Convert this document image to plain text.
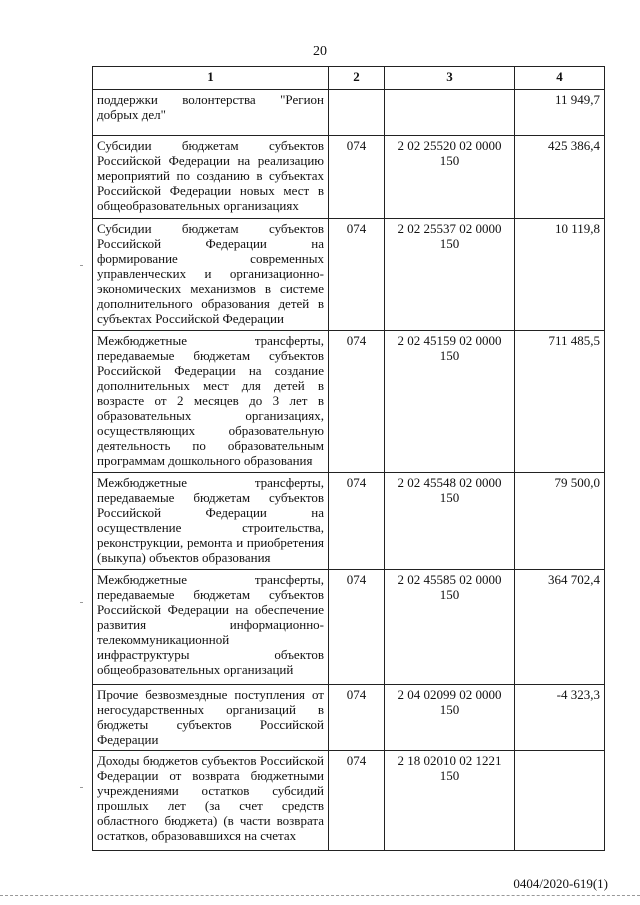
20
1	2	3	4
поддержки волонтерства "Регион добрых дел"			11 949,7
Субсидии бюджетам субъектов Российской Федерации на реализацию мероприятий по созданию в субъектах Российской Федерации новых мест в общеобразовательных организациях	074	2 02 25520 02 0000 150	425 386,4
Субсидии бюджетам субъектов Российской Федерации на формирование современных управленческих и организационно-экономических механизмов в системе дополнительного образования детей в субъектах Российской Федерации	074	2 02 25537 02 0000 150	10 119,8
Межбюджетные трансферты, передаваемые бюджетам субъектов Российской Федерации на создание дополнительных мест для детей в возрасте от 2 месяцев до 3 лет в образовательных организациях, осуществляющих образовательную деятельность по образовательным программам дошкольного образования	074	2 02 45159 02 0000 150	711 485,5
Межбюджетные трансферты, передаваемые бюджетам субъектов Российской Федерации на осуществление строительства, реконструкции, ремонта и приобретения (выкупа) объектов образования	074	2 02 45548 02 0000 150	79 500,0
Межбюджетные трансферты, передаваемые бюджетам субъектов Российской Федерации на обеспечение развития информационно-телекоммуникационной инфраструктуры объектов общеобразовательных организаций	074	2 02 45585 02 0000 150	364 702,4
Прочие безвозмездные поступления от негосударственных организаций в бюджеты субъектов Российской Федерации	074	2 04 02099 02 0000 150	-4 323,3
Доходы бюджетов субъектов Российской Федерации от возврата бюджетными учреждениями остатков субсидий прошлых лет (за счет средств областного бюджета) (в части возврата остатков, образовавшихся на счетах	074	2 18 02010 02 1221 150	
0404/2020-619(1)
